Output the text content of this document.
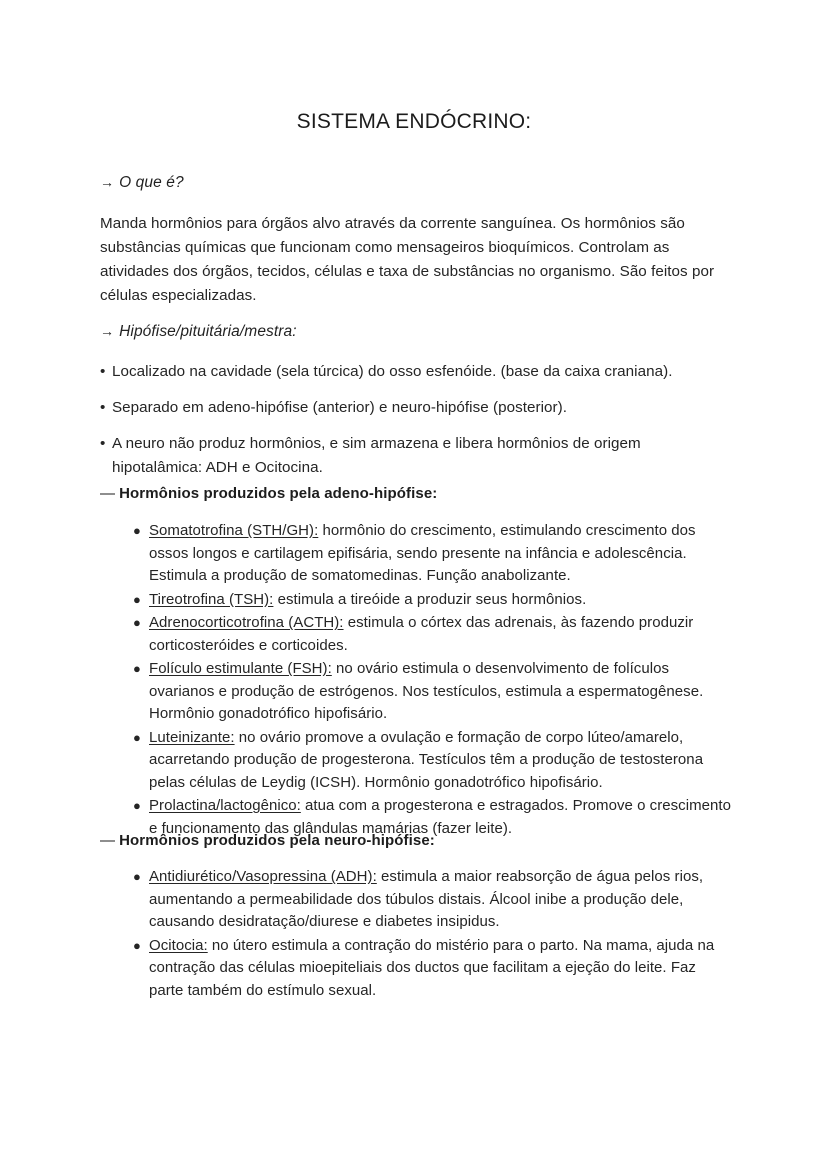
SISTEMA ENDÓCRINO:
→ O que é?

Manda hormônios para órgãos alvo através da corrente sanguínea. Os hormônios são substâncias químicas que funcionam como mensageiros bioquímicos. Controlam as atividades dos órgãos, tecidos, células e taxa de substâncias no organismo. São feitos por células especializadas.

→ Hipófise/pituitária/mestra:
• Localizado na cavidade (sela túrcica) do osso esfenóide. (base da caixa craniana).
• Separado em adeno-hipófise (anterior) e neuro-hipófise (posterior).
• A neuro não produz hormônios, e sim armazena e libera hormônios de origem hipotalâmica: ADH e Ocitocina.
— Hormônios produzidos pela adeno-hipófise:
● Somatotrofina (STH/GH): hormônio do crescimento, estimulando crescimento dos ossos longos e cartilagem epifisária, sendo presente na infância e adolescência. Estimula a produção de somatomedinas. Função anabolizante.
● Tireotrofina (TSH): estimula a tireóide a produzir seus hormônios.
● Adrenocorticotrofina (ACTH): estimula o córtex das adrenais, às fazendo produzir corticosteróides e corticoides.
● Folículo estimulante (FSH): no ovário estimula o desenvolvimento de folículos ovarianos e produção de estrógenos. Nos testículos, estimula a espermatogênese. Hormônio gonadotrófico hipofisário.
● Luteinizante: no ovário promove a ovulação e formação de corpo lúteo/amarelo, acarretando produção de progesterona. Testículos têm a produção de testosterona pelas células de Leydig (ICSH). Hormônio gonadotrófico hipofisário.
● Prolactina/lactogênico: atua com a progesterona e estragados. Promove o crescimento e funcionamento das glândulas mamárias (fazer leite).
— Hormônios produzidos pela neuro-hipófise:
● Antidiurético/Vasopressina (ADH): estimula a maior reabsorção de água pelos rios, aumentando a permeabilidade dos túbulos distais. Álcool inibe a produção dele, causando desidratação/diurese e diabetes insipidus.
● Ocitocia: no útero estimula a contração do mistério para o parto. Na mama, ajuda na contração das células mioepiteliais dos ductos que facilitam a ejeção do leite. Faz parte também do estímulo sexual.
